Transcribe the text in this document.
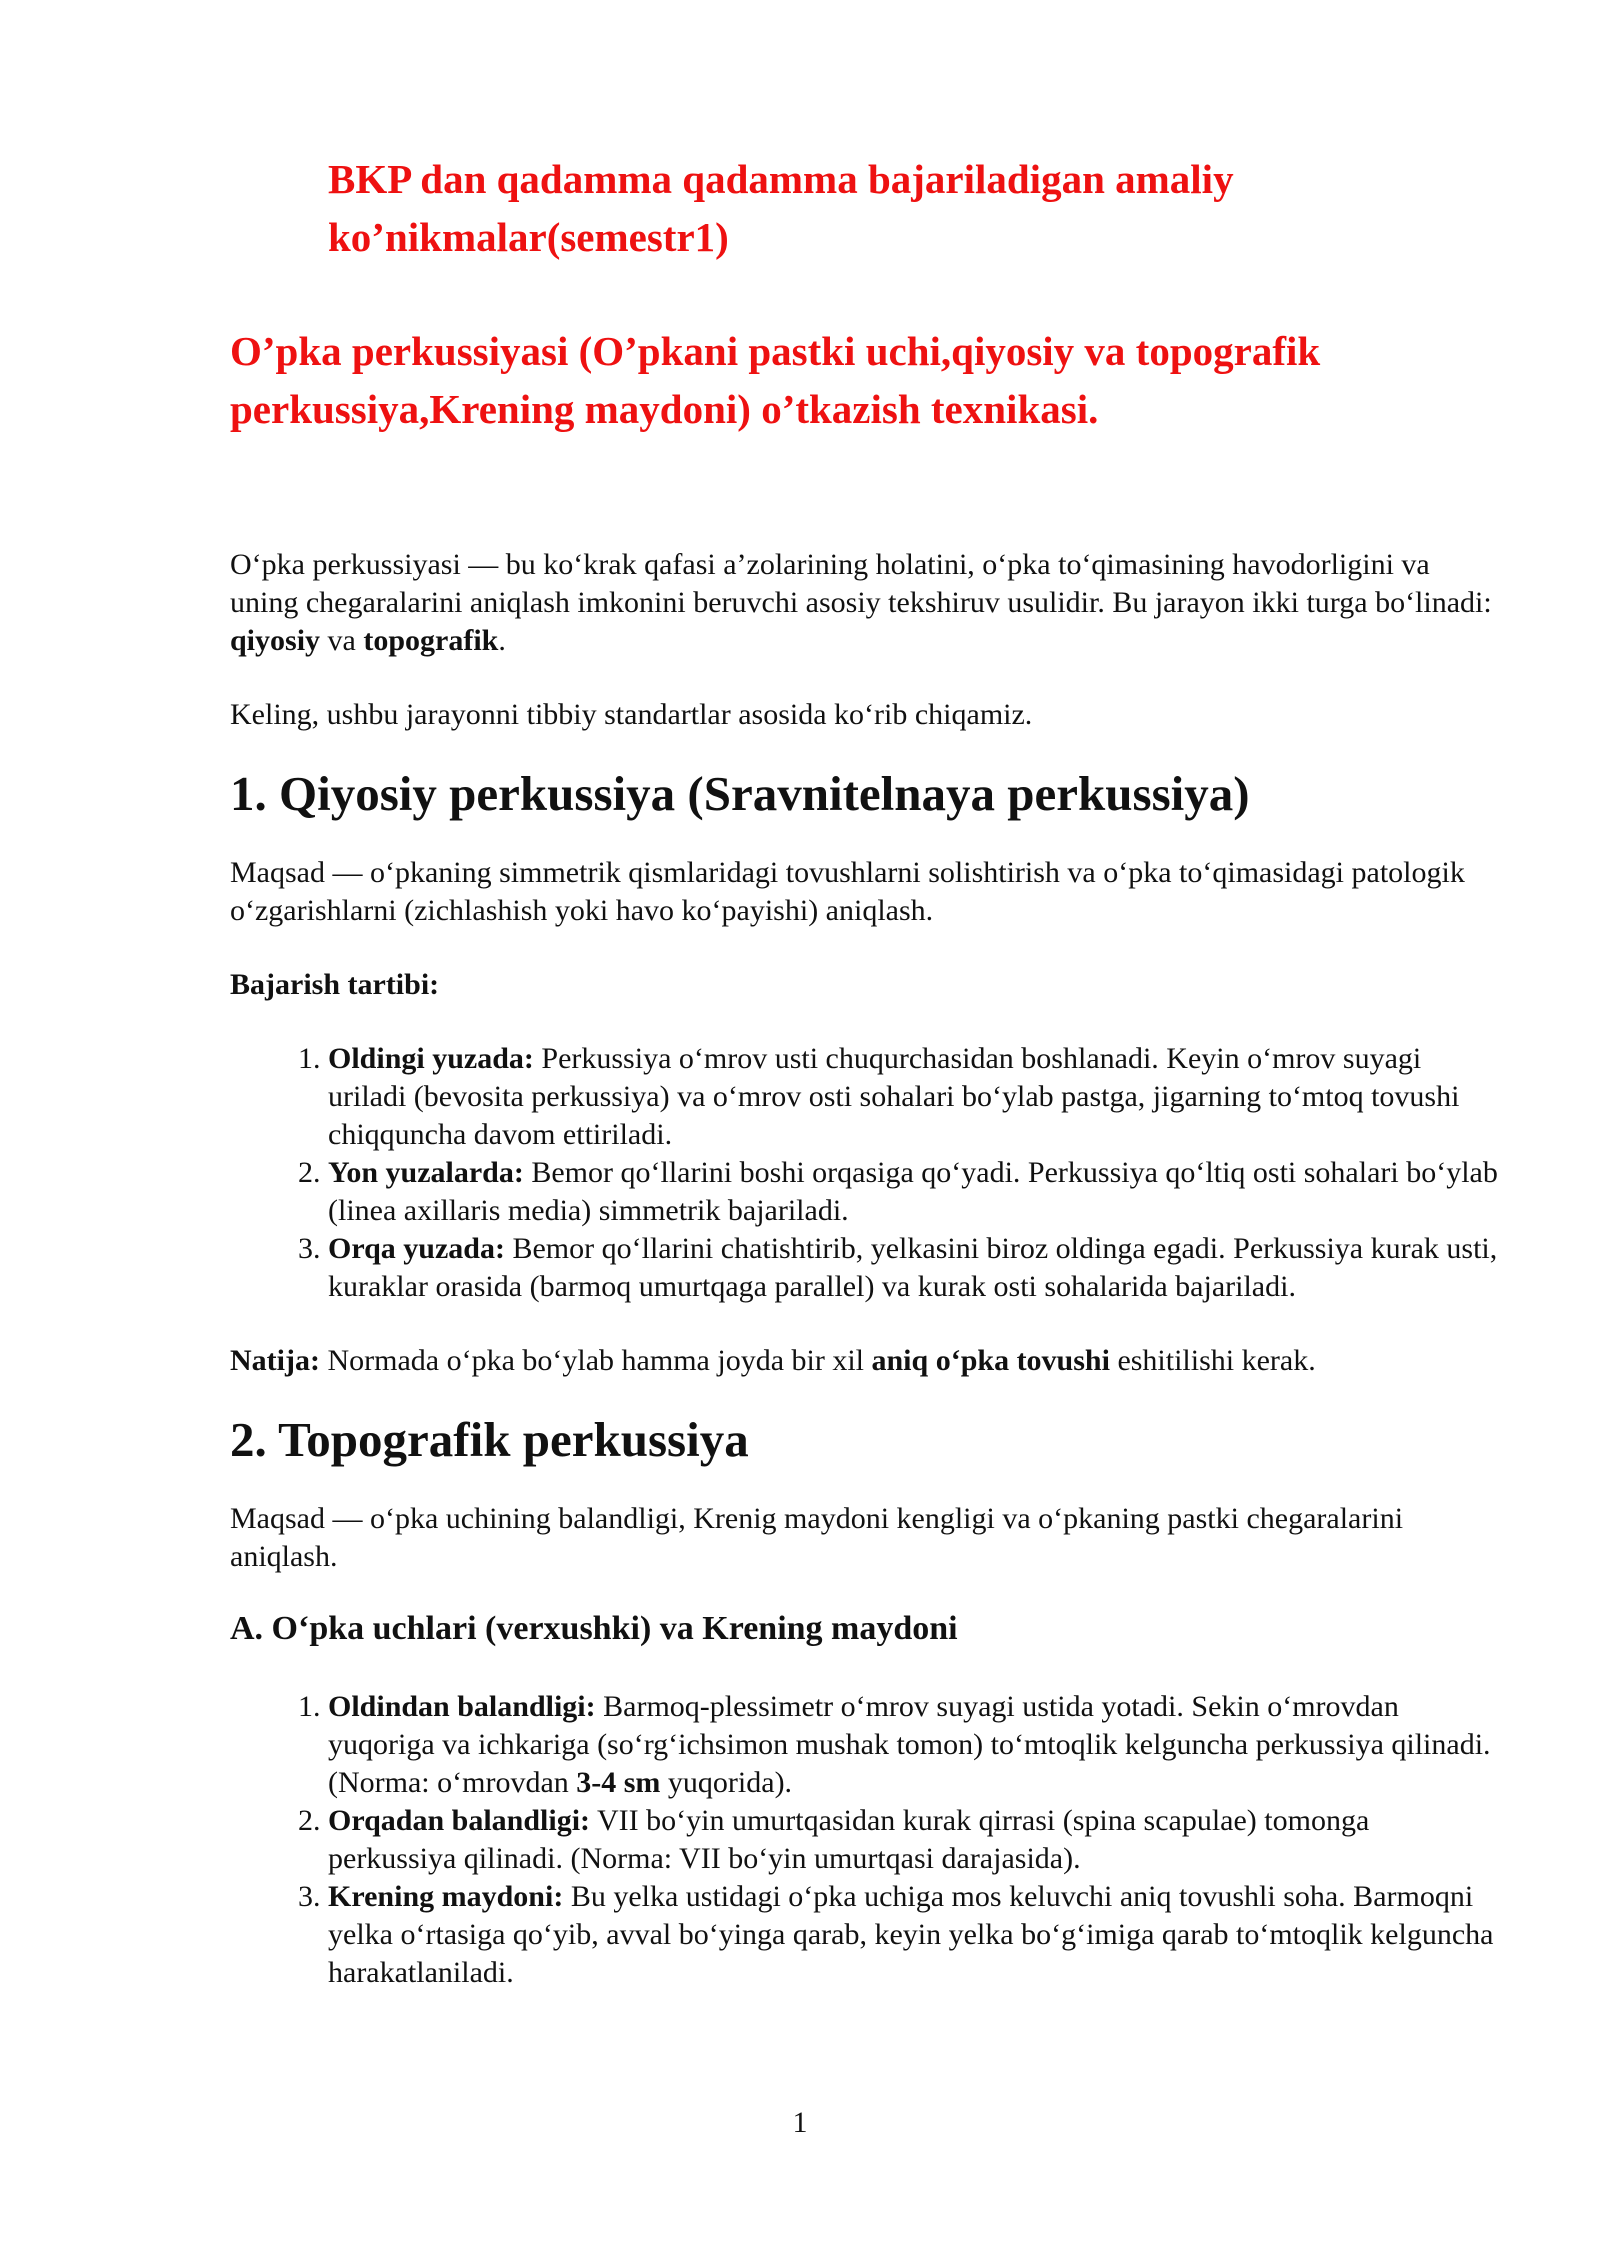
BKP dan qadamma qadamma bajariladigan amaliy ko’nikmalar(semestr1)
O’pka perkussiyasi (O’pkani pastki uchi,qiyosiy va topografik perkussiya,Krening maydoni) o’tkazish texnikasi.

O‘pka perkussiyasi — bu ko‘krak qafasi a’zolarining holatini, o‘pka to‘qimasining havodorligini va uning chegaralarini aniqlash imkonini beruvchi asosiy tekshiruv usulidir. Bu jarayon ikki turga bo‘linadi: qiyosiy va topografik.

Keling, ushbu jarayonni tibbiy standartlar asosida ko‘rib chiqamiz.

1. Qiyosiy perkussiya (Sravnitelnaya perkussiya)

Maqsad — o‘pkaning simmetrik qismlaridagi tovushlarni solishtirish va o‘pka to‘qimasidagi patologik o‘zgarishlarni (zichlashish yoki havo ko‘payishi) aniqlash.

Bajarish tartibi:

1. Oldingi yuzada: Perkussiya o‘mrov usti chuqurchasidan boshlanadi. Keyin o‘mrov suyagi uriladi (bevosita perkussiya) va o‘mrov osti sohalari bo‘ylab pastga, jigarning to‘mtoq tovushi chiqquncha davom ettiriladi.
2. Yon yuzalarda: Bemor qo‘llarini boshi orqasiga qo‘yadi. Perkussiya qo‘ltiq osti sohalari bo‘ylab (linea axillaris media) simmetrik bajariladi.
3. Orqa yuzada: Bemor qo‘llarini chatishtirib, yelkasini biroz oldinga egadi. Perkussiya kurak usti, kuraklar orasida (barmoq umurtqaga parallel) va kurak osti sohalarida bajariladi.

Natija: Normada o‘pka bo‘ylab hamma joyda bir xil aniq o‘pka tovushi eshitilishi kerak.

2. Topografik perkussiya

Maqsad — o‘pka uchining balandligi, Krenig maydoni kengligi va o‘pkaning pastki chegaralarini aniqlash.

A. O‘pka uchlari (verxushki) va Krening maydoni
1. Oldindan balandligi: Barmoq-plessimetr o‘mrov suyagi ustida yotadi. Sekin o‘mrovdan yuqoriga va ichkariga (so‘rg‘ichsimon mushak tomon) to‘mtoqlik kelguncha perkussiya qilinadi. (Norma: o‘mrovdan 3-4 sm yuqorida).
2. Orqadan balandligi: VII bo‘yin umurtqasidan kurak qirrasi (spina scapulae) tomonga perkussiya qilinadi. (Norma: VII bo‘yin umurtqasi darajasida).
3. Krening maydoni: Bu yelka ustidagi o‘pka uchiga mos keluvchi aniq tovushli soha. Barmoqni yelka o‘rtasiga qo‘yib, avval bo‘yinga qarab, keyin yelka bo‘g‘imiga qarab to‘mtoqlik kelguncha harakatlaniladi.
1
